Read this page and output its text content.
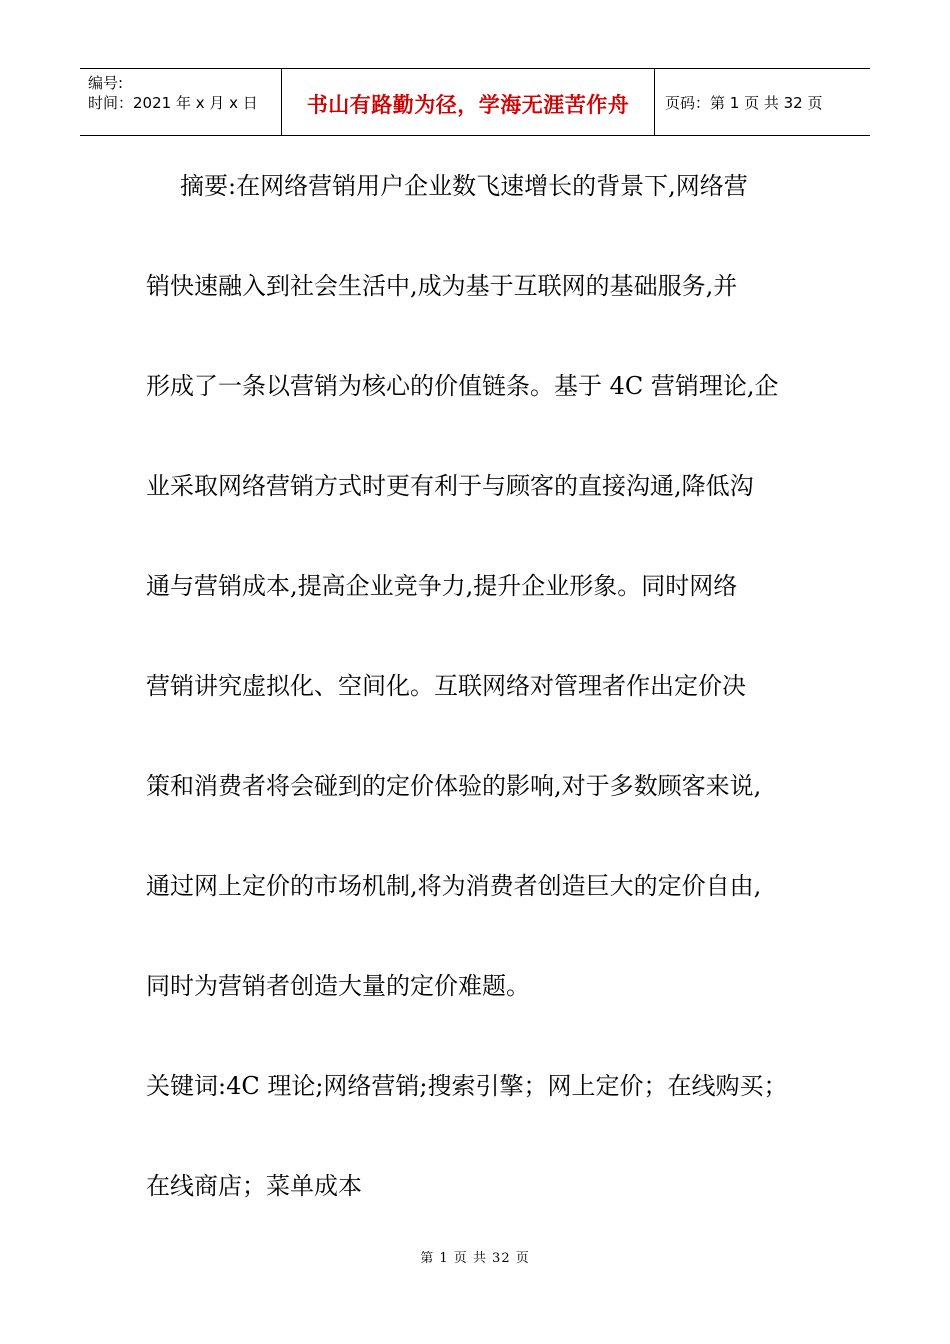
编号:
时间：2021 年 x 月 x 日	书山有路勤为径，学海无涯苦作舟 页码：第 1 页 共 32 页
摘要:在网络营销用户企业数飞速增长的背景下,网络营
销快速融入到社会生活中,成为基于互联网的基础服务,并
形成了一条以营销为核心的价值链条。基于 4C 营销理论,企
业采取网络营销方式时更有利于与顾客的直接沟通,降低沟
通与营销成本,提高企业竞争力,提升企业形象。同时网络
营销讲究虚拟化、空间化。互联网络对管理者作出定价决
策和消费者将会碰到的定价体验的影响,对于多数顾客来说,
通过网上定价的市场机制,将为消费者创造巨大的定价自由,
同时为营销者创造大量的定价难题。
关键词:4C 理论;网络营销;搜索引擎；网上定价；在线购买；
在线商店；菜单成本
第 1 页 共 32 页
